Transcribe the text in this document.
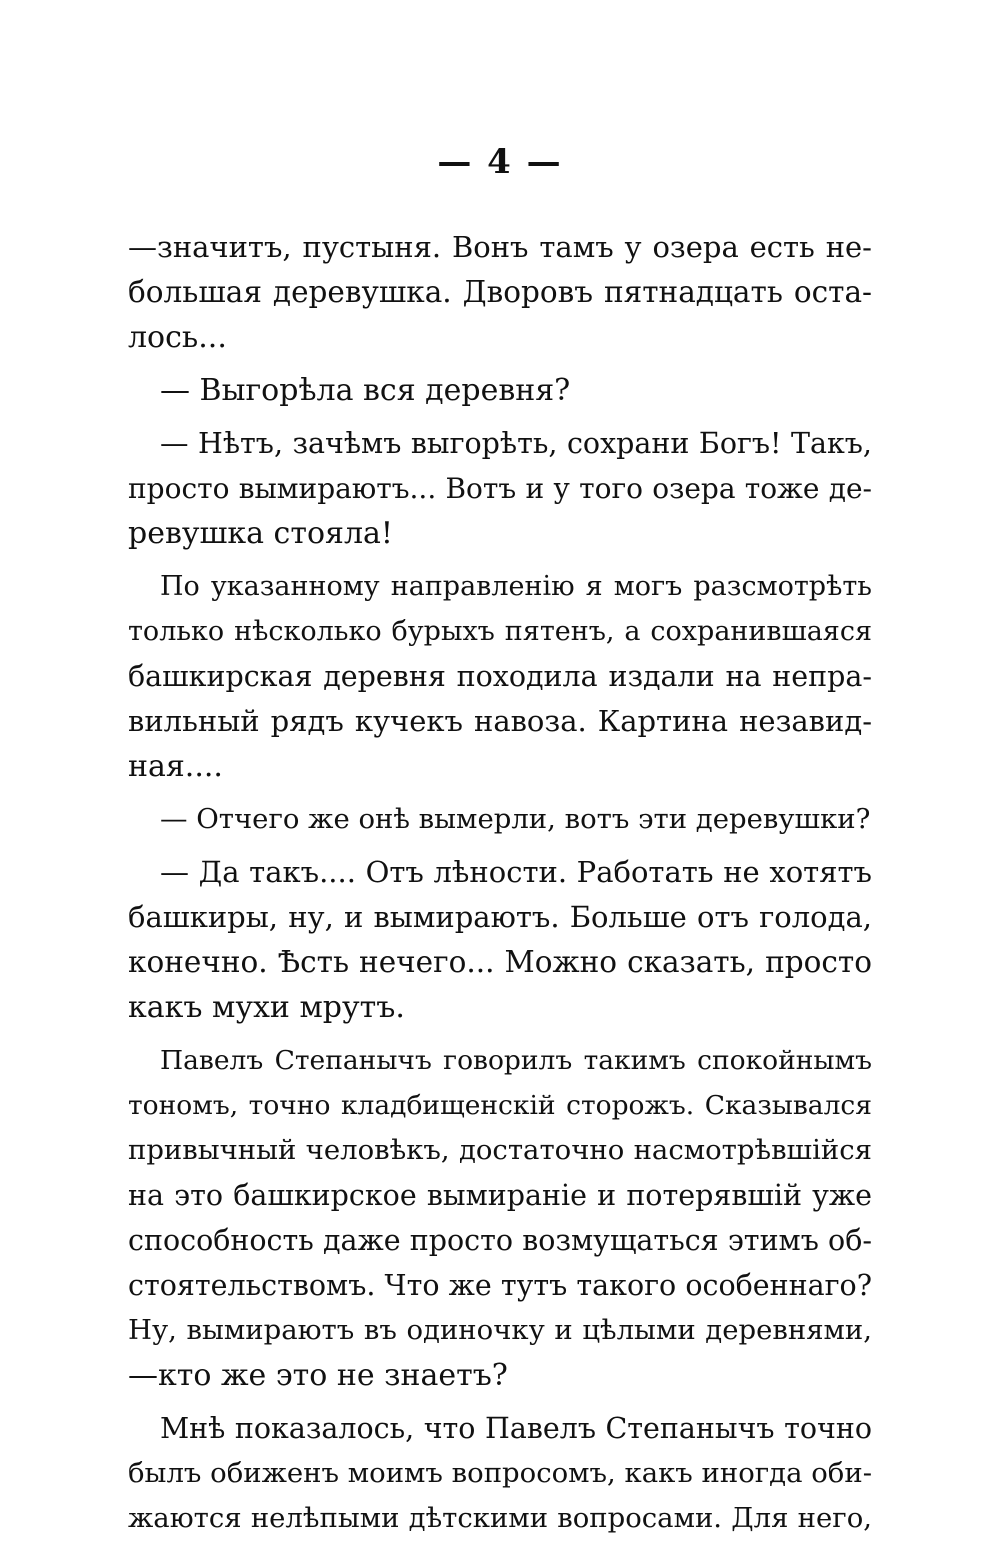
— 4 —
—значитъ, пустыня. Вонъ тамъ у озера есть не-
большая деревушка. Дворовъ пятнадцать оста-
лось...
— Выгорѣла вся деревня?
— Нѣтъ, зачѣмъ выгорѣть, сохрани Богъ! Такъ,
просто вымираютъ... Вотъ и у того озера тоже де-
ревушка стояла!
По указанному направленію я могъ разсмотрѣть
только нѣсколько бурыхъ пятенъ, а сохранившаяся
башкирская деревня походила издали на непра-
вильный рядъ кучекъ навоза. Картина незавид-
ная....
— Отчего же онѣ вымерли, вотъ эти деревушки?
— Да такъ.... Отъ лѣности. Работать не хотятъ
башкиры, ну, и вымираютъ. Больше отъ голода,
конечно. Ѣсть нечего... Можно сказать, просто
какъ мухи мрутъ.
Павелъ Степанычъ говорилъ такимъ спокойнымъ
тономъ, точно кладбищенскій сторожъ. Сказывался
привычный человѣкъ, достаточно насмотрѣвшійся
на это башкирское вымираніе и потерявшій уже
способность даже просто возмущаться этимъ об-
стоятельствомъ. Что же тутъ такого особеннаго?
Ну, вымираютъ въ одиночку и цѣлыми деревнями,
—кто же это не знаетъ?
Мнѣ показалось, что Павелъ Степанычъ точно
былъ обиженъ моимъ вопросомъ, какъ иногда оби-
жаются нелѣпыми дѣтскими вопросами. Для него,
